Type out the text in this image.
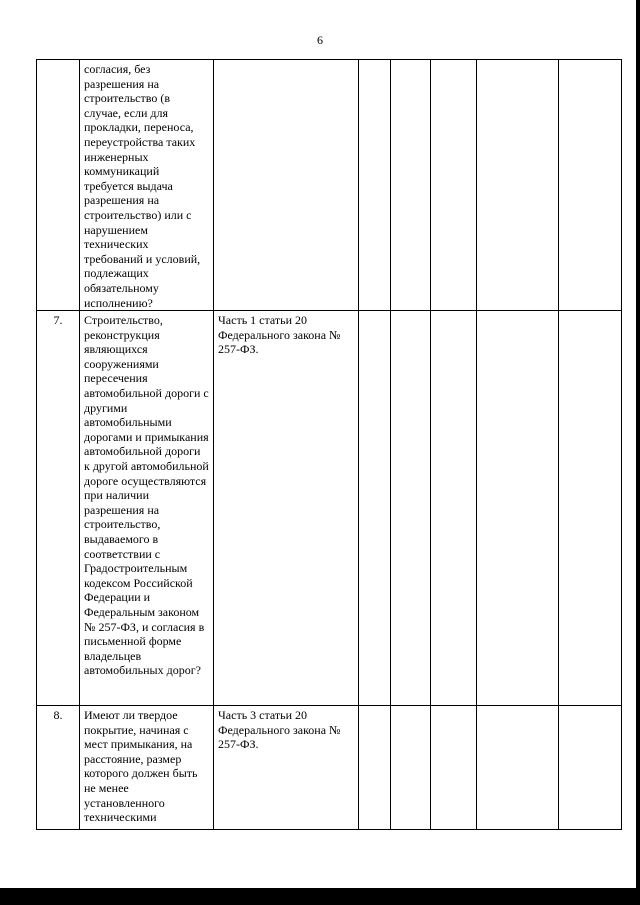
6
	согласия, без разрешения на строительство (в случае, если для прокладки, переноса, переустройства таких инженерных коммуникаций требуется выдача разрешения на строительство) или с нарушением технических требований и условий, подлежащих обязательному исполнению?						
7.	Строительство, реконструкция являющихся сооружениями пересечения автомобильной дороги с другими автомобильными дорогами и примыкания автомобильной дороги к другой автомобильной дороге осуществляются при наличии разрешения на строительство, выдаваемого в соответствии с Градостроительным кодексом Российской Федерации и Федеральным законом № 257-ФЗ, и согласия в письменной форме владельцев автомобильных дорог?	Часть 1 статьи 20 Федерального закона № 257-ФЗ.					
8.	Имеют ли твердое покрытие, начиная с мест примыкания, на расстояние, размер которого должен быть не менее установленного техническими	Часть 3 статьи 20 Федерального закона № 257-ФЗ.					
